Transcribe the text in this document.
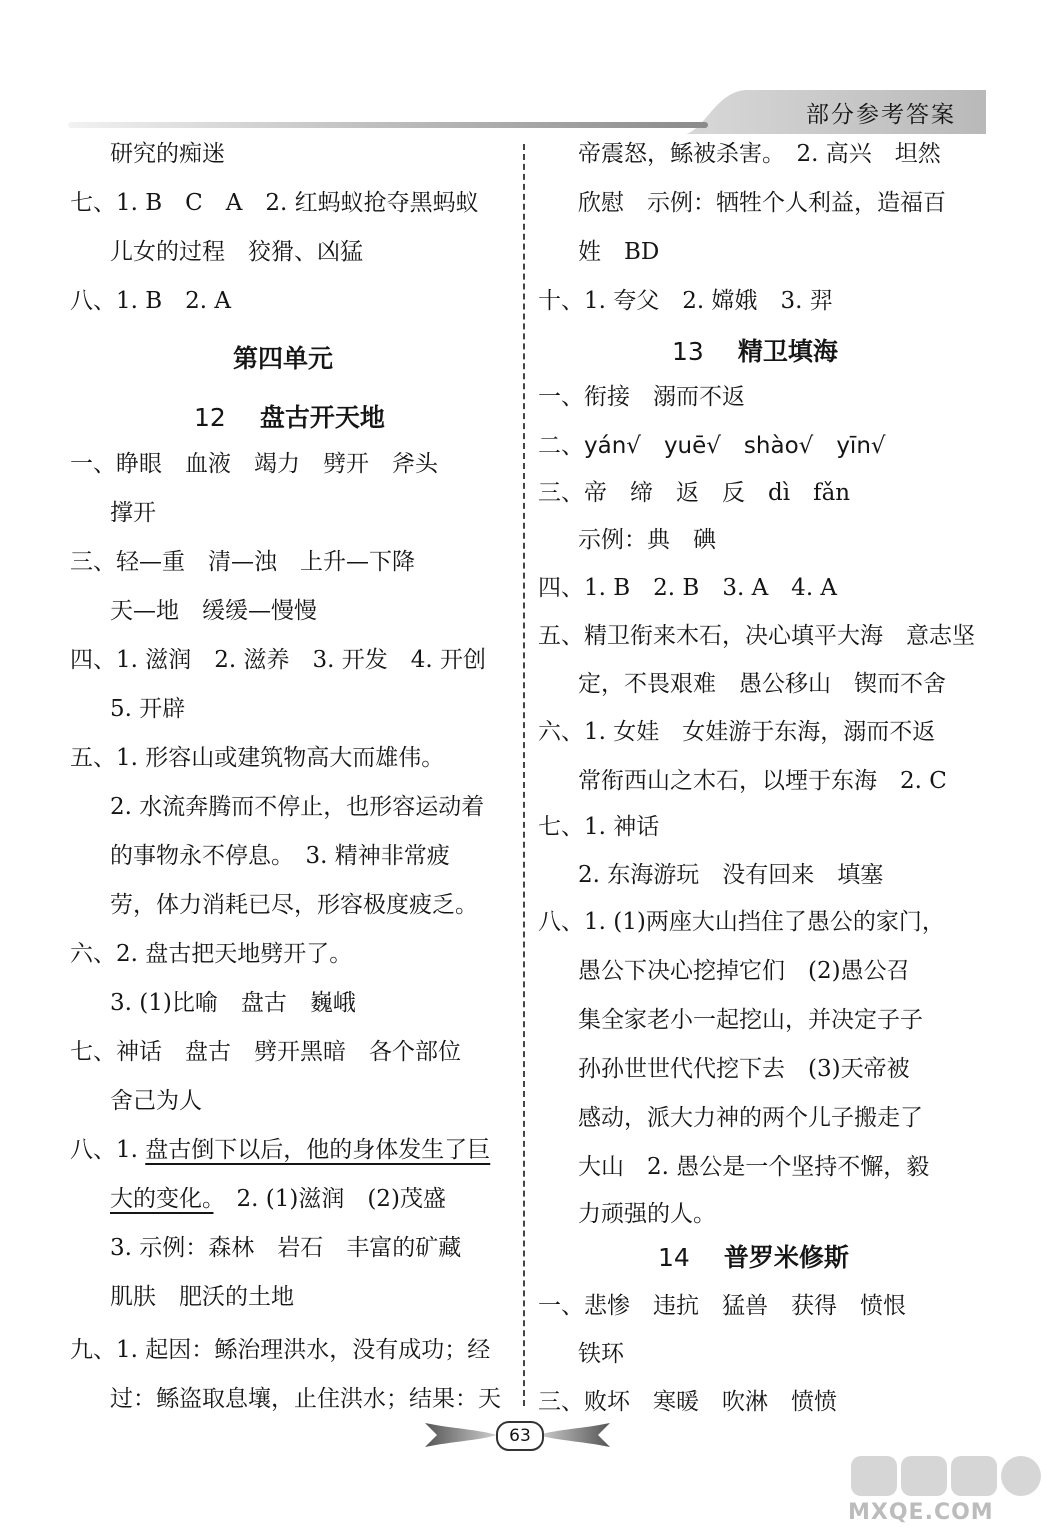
部分参考答案
研究的痴迷
七、1. B　C　A　2. 红蚂蚁抢夺黑蚂蚁
儿女的过程　狡猾、凶猛
八、1. B　2. A
第四单元
12 盘古开天地
一、睁眼　血液　竭力　劈开　斧头
撑开
三、轻—重　清—浊　上升—下降
天—地　缓缓—慢慢
四、1. 滋润　2. 滋养　3. 开发　4. 开创
5. 开辟
五、1. 形容山或建筑物高大而雄伟。
2. 水流奔腾而不停止，也形容运动着
的事物永不停息。　3. 精神非常疲
劳，体力消耗已尽，形容极度疲乏。
六、2. 盘古把天地劈开了。
3. (1)比喻　盘古　巍峨
七、神话　盘古　劈开黑暗　各个部位
舍己为人
八、1. 盘古倒下以后，他的身体发生了巨
大的变化。　2. (1)滋润　(2)茂盛
3. 示例：森林　岩石　丰富的矿藏
肌肤　肥沃的土地
九、1. 起因：鲧治理洪水，没有成功；经
过：鲧盗取息壤，止住洪水；结果：天
帝震怒，鲧被杀害。　2. 高兴　坦然
欣慰　示例：牺牲个人利益，造福百
姓　BD
十、1. 夸父　2. 嫦娥　3. 羿
13 精卫填海
一、衔接　溺而不返
二、yán√　yuē√　shào√　yīn√
三、帝　缔　返　反　dì　fǎn
示例：典　碘
四、1. B　2. B　3. A　4. A
五、精卫衔来木石，决心填平大海　意志坚
定，不畏艰难　愚公移山　锲而不舍
六、1. 女娃　女娃游于东海，溺而不返
常衔西山之木石，以堙于东海　2. C
七、1. 神话
2. 东海游玩　没有回来　填塞
八、1. (1)两座大山挡住了愚公的家门，
愚公下决心挖掉它们　(2)愚公召
集全家老小一起挖山，并决定子子
孙孙世世代代挖下去　(3)天帝被
感动，派大力神的两个儿子搬走了
大山　2. 愚公是一个坚持不懈，毅
力顽强的人。
14 普罗米修斯
一、悲惨　违抗　猛兽　获得　愤恨
铁环
三、败坏　寒暖　吹淋　愤愤
63
MXQE.COM
